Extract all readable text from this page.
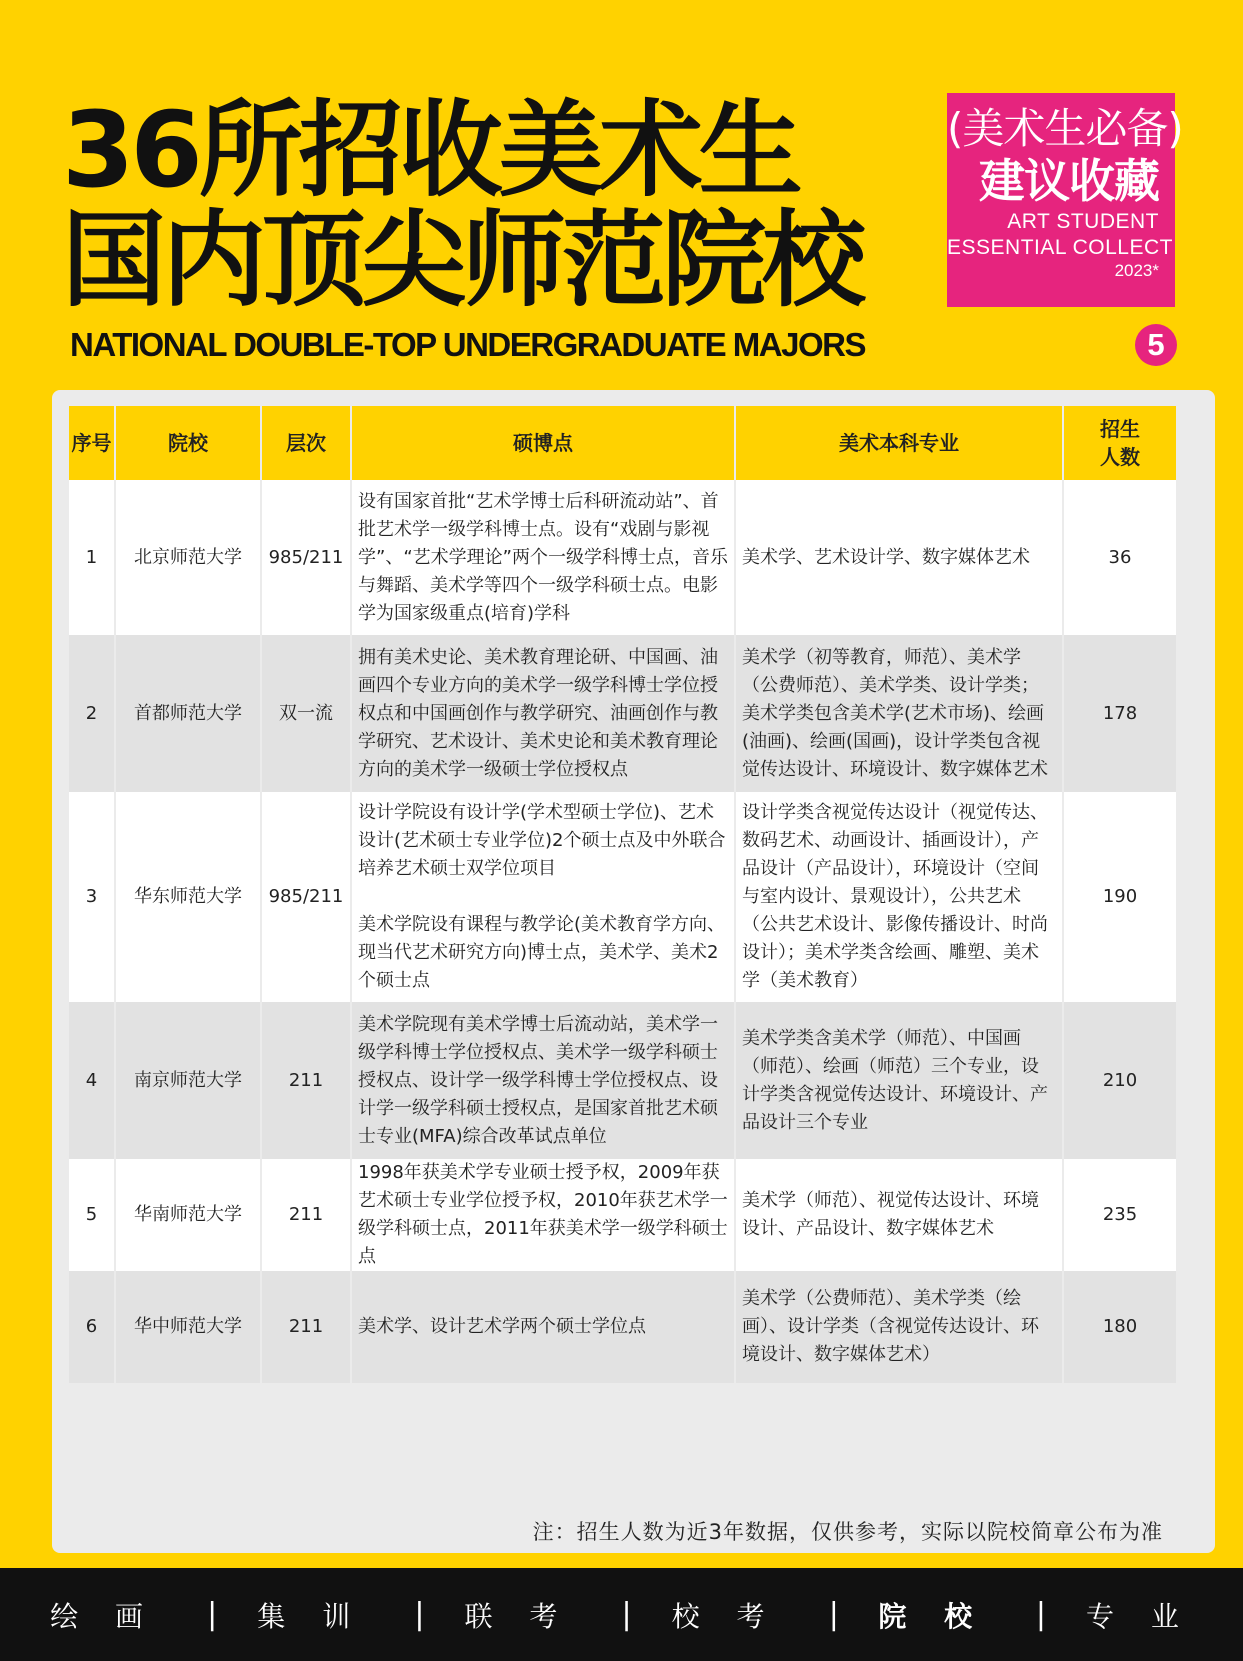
36所招收美术生
国内顶尖师范院校
NATIONAL DOUBLE-TOP UNDERGRADUATE MAJORS
(美术生必备)
建议收藏
ART STUDENT
ESSENTIAL COLLECT
2023*
5
序号	院校	层次	硕博点	美术本科专业	招生人数

1	北京师范大学	985/211	设有国家首批“艺术学博士后科研流动站”、首批艺术学一级学科博士点。设有“戏剧与影视学”、“艺术学理论”两个一级学科博士点，音乐与舞蹈、美术学等四个一级学科硕士点。电影学为国家级重点(培育)学科	美术学、艺术设计学、数字媒体艺术	36
2	首都师范大学	双一流	拥有美术史论、美术教育理论研、中国画、油画四个专业方向的美术学一级学科博士学位授权点和中国画创作与教学研究、油画创作与教学研究、艺术设计、美术史论和美术教育理论方向的美术学一级硕士学位授权点	美术学（初等教育，师范）、美术学（公费师范）、美术学类、设计学类；美术学类包含美术学(艺术市场)、绘画(油画)、绘画(国画)，设计学类包含视觉传达设计、环境设计、数字媒体艺术	178
3	华东师范大学	985/211	设计学院设有设计学(学术型硕士学位)、艺术设计(艺术硕士专业学位)2个硕士点及中外联合培养艺术硕士双学位项目
美术学院设有课程与教学论(美术教育学方向、现当代艺术研究方向)博士点，美术学、美术2个硕士点	设计学类含视觉传达设计（视觉传达、数码艺术、动画设计、插画设计），产品设计（产品设计），环境设计（空间与室内设计、景观设计），公共艺术（公共艺术设计、影像传播设计、时尚设计）；美术学类含绘画、雕塑、美术学（美术教育）	190
4	南京师范大学	211	美术学院现有美术学博士后流动站，美术学一级学科博士学位授权点、美术学一级学科硕士授权点、设计学一级学科博士学位授权点、设计学一级学科硕士授权点，是国家首批艺术硕士专业(MFA)综合改革试点单位	美术学类含美术学（师范）、中国画（师范）、绘画（师范）三个专业，设计学类含视觉传达设计、环境设计、产品设计三个专业	210
5	华南师范大学	211	1998年获美术学专业硕士授予权，2009年获艺术硕士专业学位授予权，2010年获艺术学一级学科硕士点，2011年获美术学一级学科硕士点	美术学（师范）、视觉传达设计、环境设计、产品设计、数字媒体艺术	235
6	华中师范大学	211	美术学、设计艺术学两个硕士学位点	美术学（公费师范）、美术学类（绘画）、设计学类（含视觉传达设计、环境设计、数字媒体艺术）	180
注：招生人数为近3年数据，仅供参考，实际以院校简章公布为准
绘 画	|	集 训	|	联 考	|	校 考	|	院 校	|	专 业
